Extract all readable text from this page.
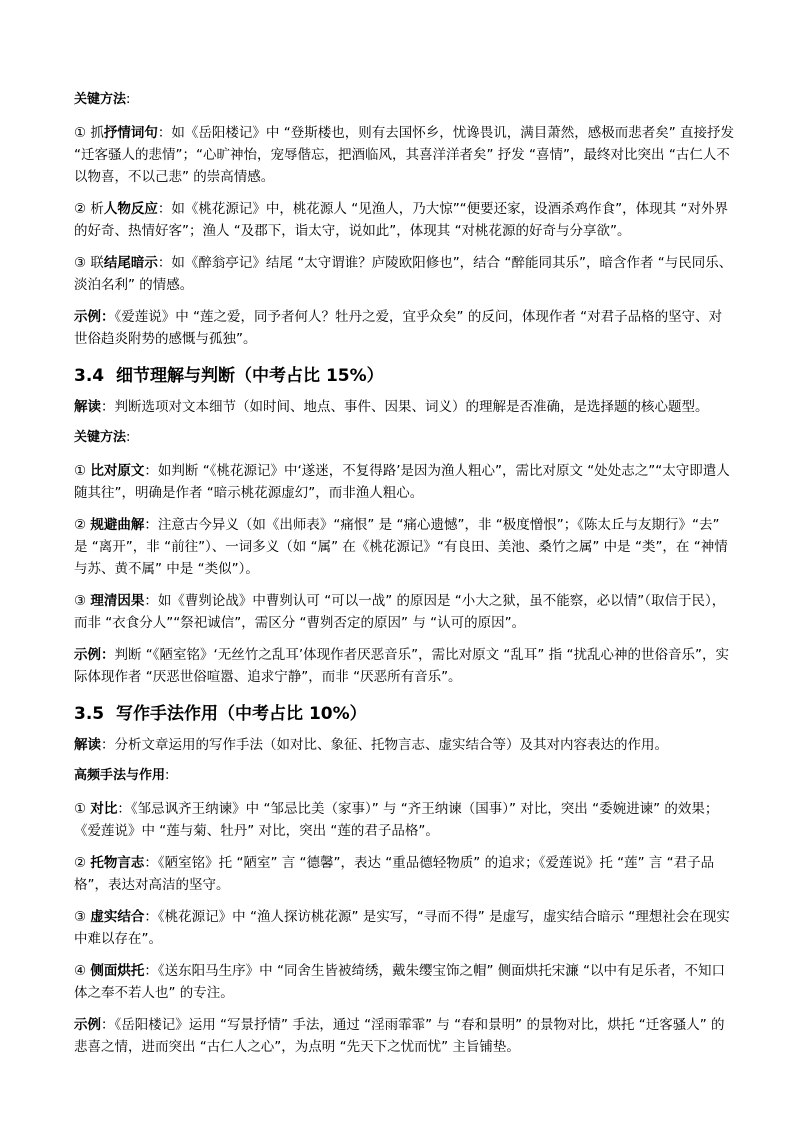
关键方法:

① 抓抒情词句：如《岳阳楼记》中 “登斯楼也，则有去国怀乡，忧谗畏讥，满目萧然，感极而悲者矣” 直接抒发 “迁客骚人的悲情”；“心旷神怡，宠辱偕忘，把酒临风，其喜洋洋者矣” 抒发 “喜情”，最终对比突出 “古仁人不以物喜，不以己悲” 的崇高情感。

② 析人物反应：如《桃花源记》中，桃花源人 “见渔人，乃大惊”“便要还家，设酒杀鸡作食”，体现其 “对外界的好奇、热情好客”；渔人 “及郡下，诣太守，说如此”，体现其 “对桃花源的好奇与分享欲”。

③ 联结尾暗示：如《醉翁亭记》结尾 “太守谓谁？庐陵欧阳修也”，结合 “醉能同其乐”，暗含作者 “与民同乐、淡泊名利” 的情感。

示例：《爱莲说》中 “莲之爱，同予者何人？牡丹之爱，宜乎众矣” 的反问，体现作者 “对君子品格的坚守、对世俗趋炎附势的感慨与孤独”。

3.4 细节理解与判断（中考占比 15%）

解读：判断选项对文本细节（如时间、地点、事件、因果、词义）的理解是否准确，是选择题的核心题型。

关键方法:

① 比对原文：如判断 “《桃花源记》中‘遂迷，不复得路’是因为渔人粗心”，需比对原文 “处处志之”“太守即遣人随其往”，明确是作者 “暗示桃花源虚幻”，而非渔人粗心。

② 规避曲解：注意古今异义（如《出师表》“痛恨” 是 “痛心遗憾”，非 “极度憎恨”；《陈太丘与友期行》“去” 是 “离开”，非 “前往”）、一词多义（如 “属” 在《桃花源记》“有良田、美池、桑竹之属” 中是 “类”，在 “神情与苏、黄不属” 中是 “类似”）。

③ 理清因果：如《曹刿论战》中曹刿认可 “可以一战” 的原因是 “小大之狱，虽不能察，必以情”（取信于民），而非 “衣食分人”“祭祀诚信”，需区分 “曹刿否定的原因” 与 “认可的原因”。

示例：判断 “《陋室铭》‘无丝竹之乱耳’体现作者厌恶音乐”，需比对原文 “乱耳” 指 “扰乱心神的世俗音乐”，实际体现作者 “厌恶世俗喧嚣、追求宁静”，而非 “厌恶所有音乐”。

3.5 写作手法作用（中考占比 10%）

解读：分析文章运用的写作手法（如对比、象征、托物言志、虚实结合等）及其对内容表达的作用。

高频手法与作用:

① 对比：《邹忌讽齐王纳谏》中 “邹忌比美（家事）” 与 “齐王纳谏（国事）” 对比，突出 “委婉进谏” 的效果；《爱莲说》中 “莲与菊、牡丹” 对比，突出 “莲的君子品格”。

② 托物言志：《陋室铭》托 “陋室” 言 “德馨”，表达 “重品德轻物质” 的追求；《爱莲说》托 “莲” 言 “君子品格”，表达对高洁的坚守。

③ 虚实结合：《桃花源记》中 “渔人探访桃花源” 是实写，“寻而不得” 是虚写，虚实结合暗示 “理想社会在现实中难以存在”。

④ 侧面烘托：《送东阳马生序》中 “同舍生皆被绮绣，戴朱缨宝饰之帽” 侧面烘托宋濂 “以中有足乐者，不知口体之奉不若人也” 的专注。

示例：《岳阳楼记》运用 “写景抒情” 手法，通过 “淫雨霏霏” 与 “春和景明” 的景物对比，烘托 “迁客骚人” 的悲喜之情，进而突出 “古仁人之心”，为点明 “先天下之忧而忧” 主旨铺垫。
